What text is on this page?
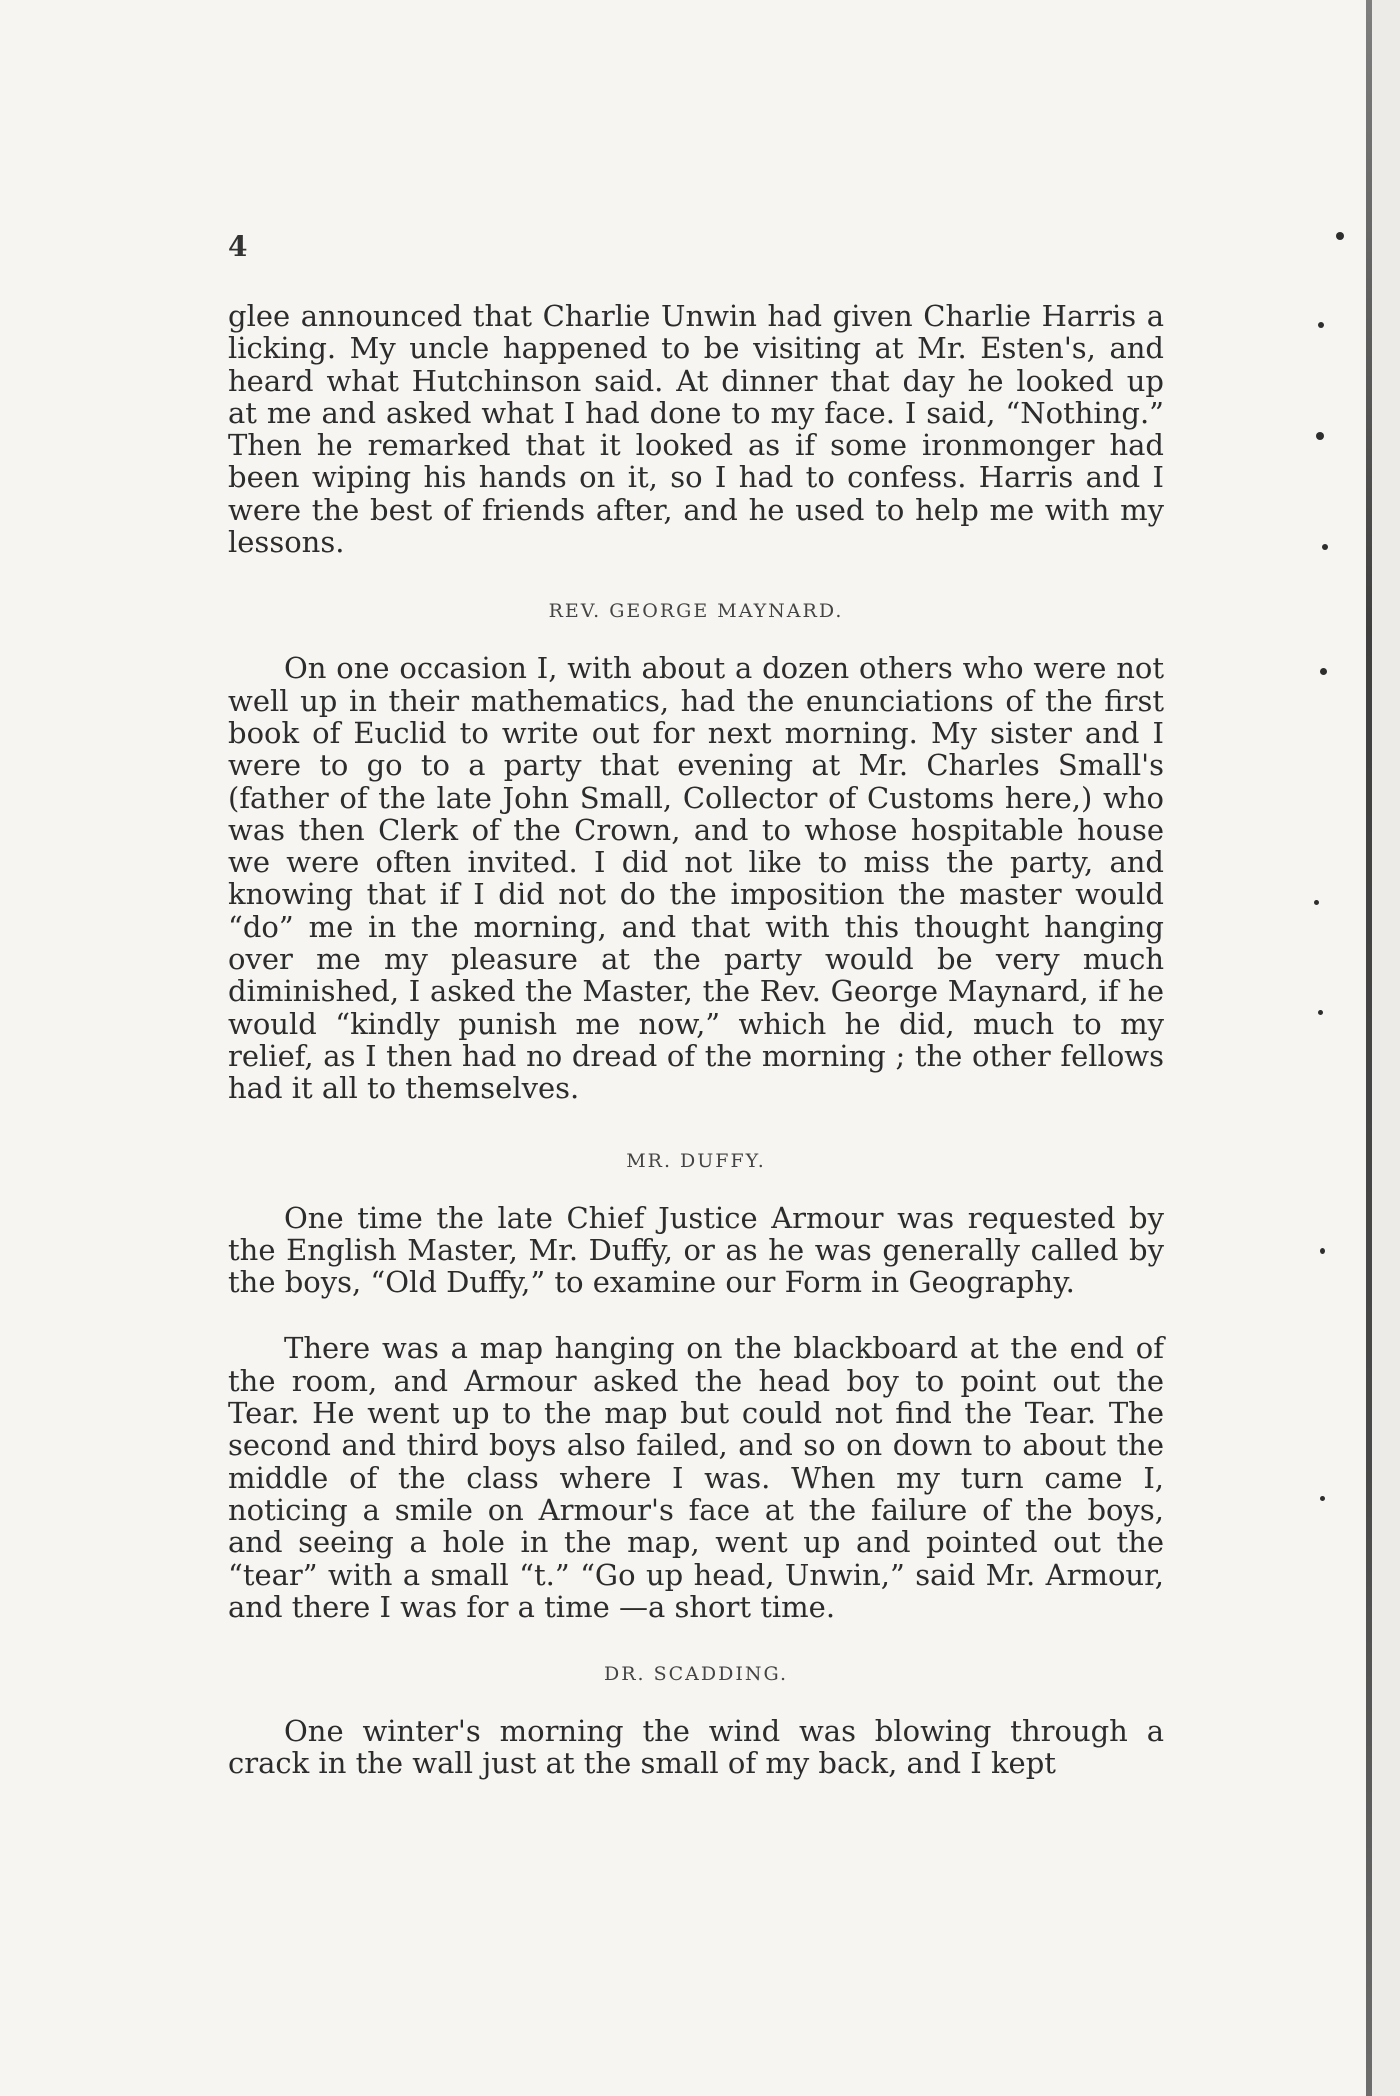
4

glee announced that Charlie Unwin had given Charlie Harris a licking. My uncle happened to be visiting at Mr. Esten's, and heard what Hutchinson said. At dinner that day he looked up at me and asked what I had done to my face. I said, “Nothing.” Then he remarked that it looked as if some ironmonger had been wiping his hands on it, so I had to confess. Harris and I were the best of friends after, and he used to help me with my lessons.

REV. GEORGE MAYNARD.

On one occasion I, with about a dozen others who were not well up in their mathematics, had the enunciations of the first book of Euclid to write out for next morning. My sister and I were to go to a party that evening at Mr. Charles Small's (father of the late John Small, Collector of Customs here,) who was then Clerk of the Crown, and to whose hospitable house we were often invited. I did not like to miss the party, and knowing that if I did not do the imposition the master would “do” me in the morning, and that with this thought hanging over me my pleasure at the party would be very much diminished, I asked the Master, the Rev. George Maynard, if he would “kindly punish me now,” which he did, much to my relief, as I then had no dread of the morning ; the other fellows had it all to themselves.

MR. DUFFY.

One time the late Chief Justice Armour was requested by the English Master, Mr. Duffy, or as he was generally called by the boys, “Old Duffy,” to examine our Form in Geography.

There was a map hanging on the blackboard at the end of the room, and Armour asked the head boy to point out the Tear. He went up to the map but could not find the Tear. The second and third boys also failed, and so on down to about the middle of the class where I was. When my turn came I, noticing a smile on Armour's face at the failure of the boys, and seeing a hole in the map, went up and pointed out the “tear” with a small “t.” “Go up head, Unwin,” said Mr. Armour, and there I was for a time —a short time.

DR. SCADDING.

One winter's morning the wind was blowing through a crack in the wall just at the small of my back, and I kept
